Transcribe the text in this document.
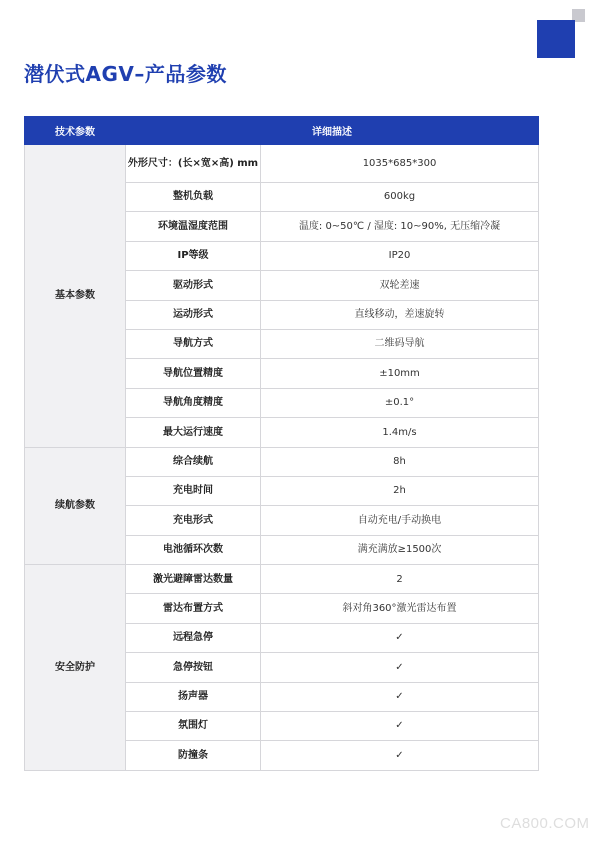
潜伏式AGV–产品参数
技术参数	详细描述	
基本参数	外形尺寸：(长×宽×高) mm	1035*685*300
	整机负载	600kg
	环境温湿度范围	温度: 0~50℃ / 湿度: 10~90%, 无压缩冷凝
	IP等级	IP20
	驱动形式	双轮差速
	运动形式	直线移动，差速旋转
	导航方式	二维码导航
	导航位置精度	±10mm
	导航角度精度	±0.1°
	最大运行速度	1.4m/s
续航参数	综合续航	8h
	充电时间	2h
	充电形式	自动充电/手动换电
	电池循环次数	满充满放≥1500次
安全防护	激光避障雷达数量	2
	雷达布置方式	斜对角360°激光雷达布置
	远程急停	✓
	急停按钮	✓
	扬声器	✓
	氛围灯	✓
	防撞条	✓
CA800.COM
